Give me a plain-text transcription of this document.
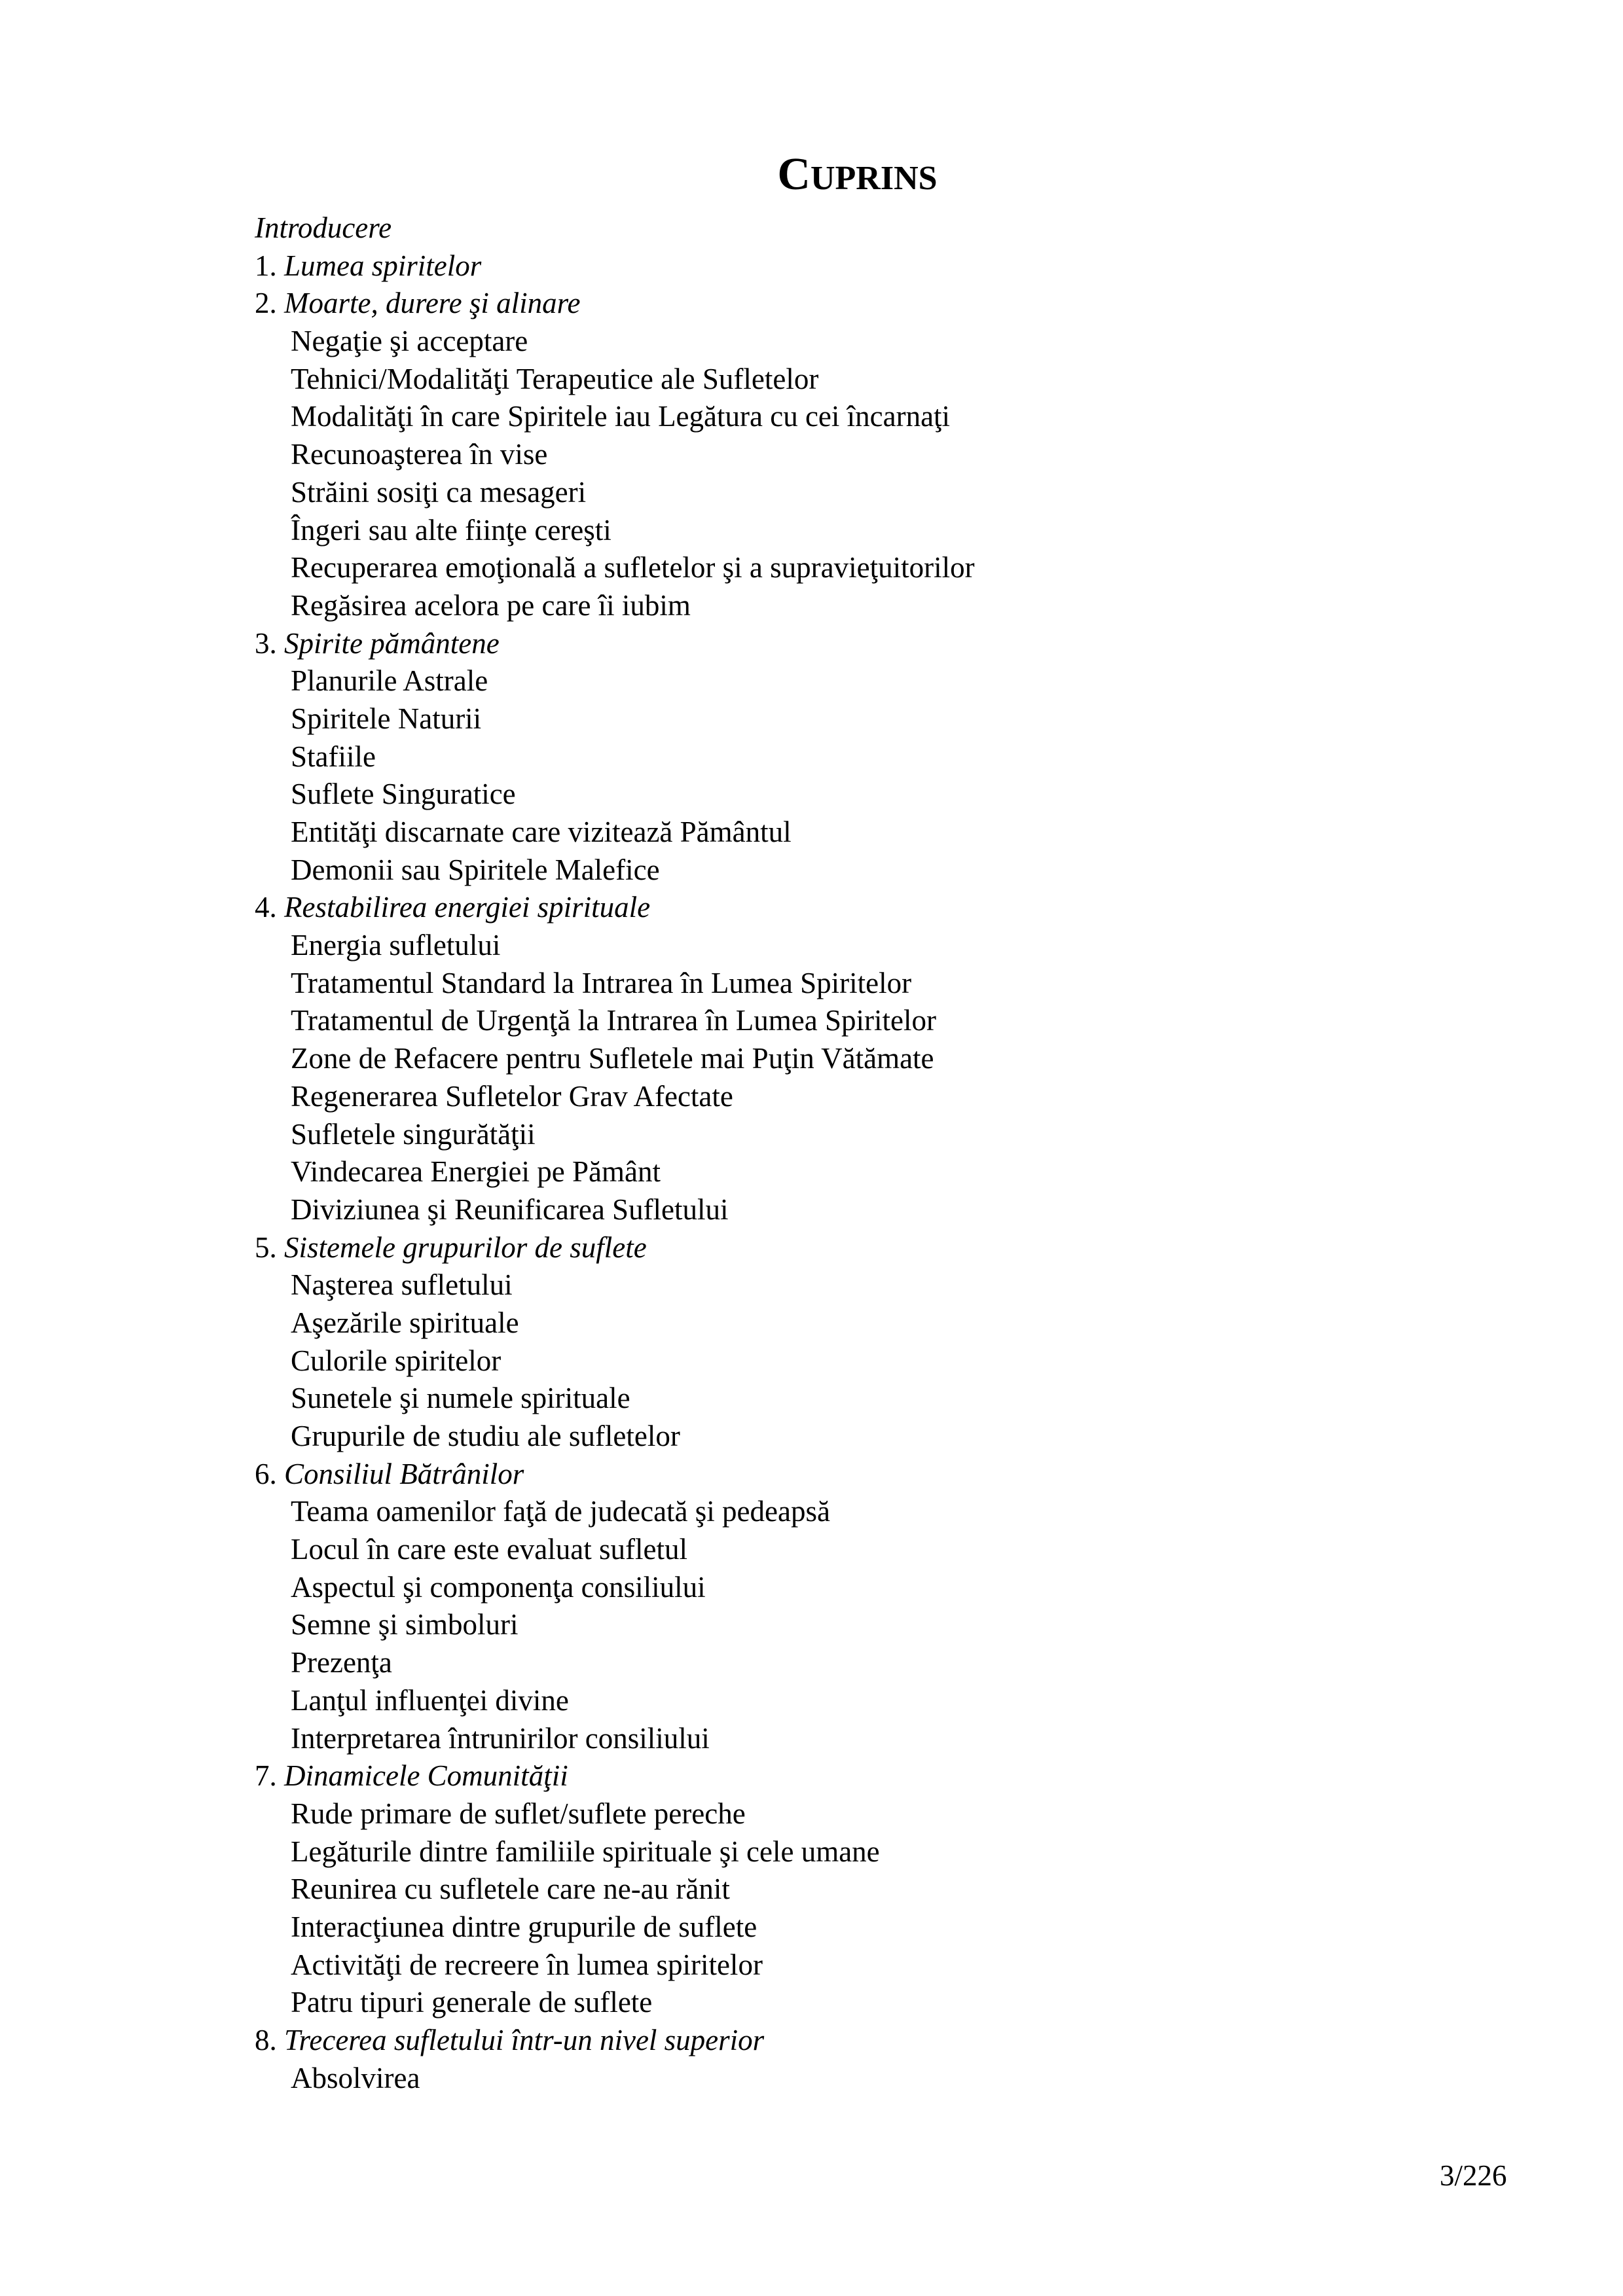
CUPRINS
Introducere
1. Lumea spiritelor
2. Moarte, durere şi alinare
Negaţie şi acceptare
Tehnici/Modalităţi Terapeutice ale Sufletelor
Modalităţi în care Spiritele iau Legătura cu cei încarnaţi
Recunoaşterea în vise
Străini sosiţi ca mesageri
Îngeri sau alte fiinţe cereşti
Recuperarea emoţională a sufletelor şi a supravieţuitorilor
Regăsirea acelora pe care îi iubim
3. Spirite pământene
Planurile Astrale
Spiritele Naturii
Stafiile
Suflete Singuratice
Entităţi discarnate care vizitează Pământul
Demonii sau Spiritele Malefice
4. Restabilirea energiei spirituale
Energia sufletului
Tratamentul Standard la Intrarea în Lumea Spiritelor
Tratamentul de Urgenţă la Intrarea în Lumea Spiritelor
Zone de Refacere pentru Sufletele mai Puţin Vătămate
Regenerarea Sufletelor Grav Afectate
Sufletele singurătăţii
Vindecarea Energiei pe Pământ
Diviziunea şi Reunificarea Sufletului
5. Sistemele grupurilor de suflete
Naşterea sufletului
Aşezările spirituale
Culorile spiritelor
Sunetele şi numele spirituale
Grupurile de studiu ale sufletelor
6. Consiliul Bătrânilor
Teama oamenilor faţă de judecată şi pedeapsă
Locul în care este evaluat sufletul
Aspectul şi componenţa consiliului
Semne şi simboluri
Prezenţa
Lanţul influenţei divine
Interpretarea întrunirilor consiliului
7. Dinamicele Comunităţii
Rude primare de suflet/suflete pereche
Legăturile dintre familiile spirituale şi cele umane
Reunirea cu sufletele care ne-au rănit
Interacţiunea dintre grupurile de suflete
Activităţi de recreere în lumea spiritelor
Patru tipuri generale de suflete
8. Trecerea sufletului într-un nivel superior
Absolvirea
3/226
